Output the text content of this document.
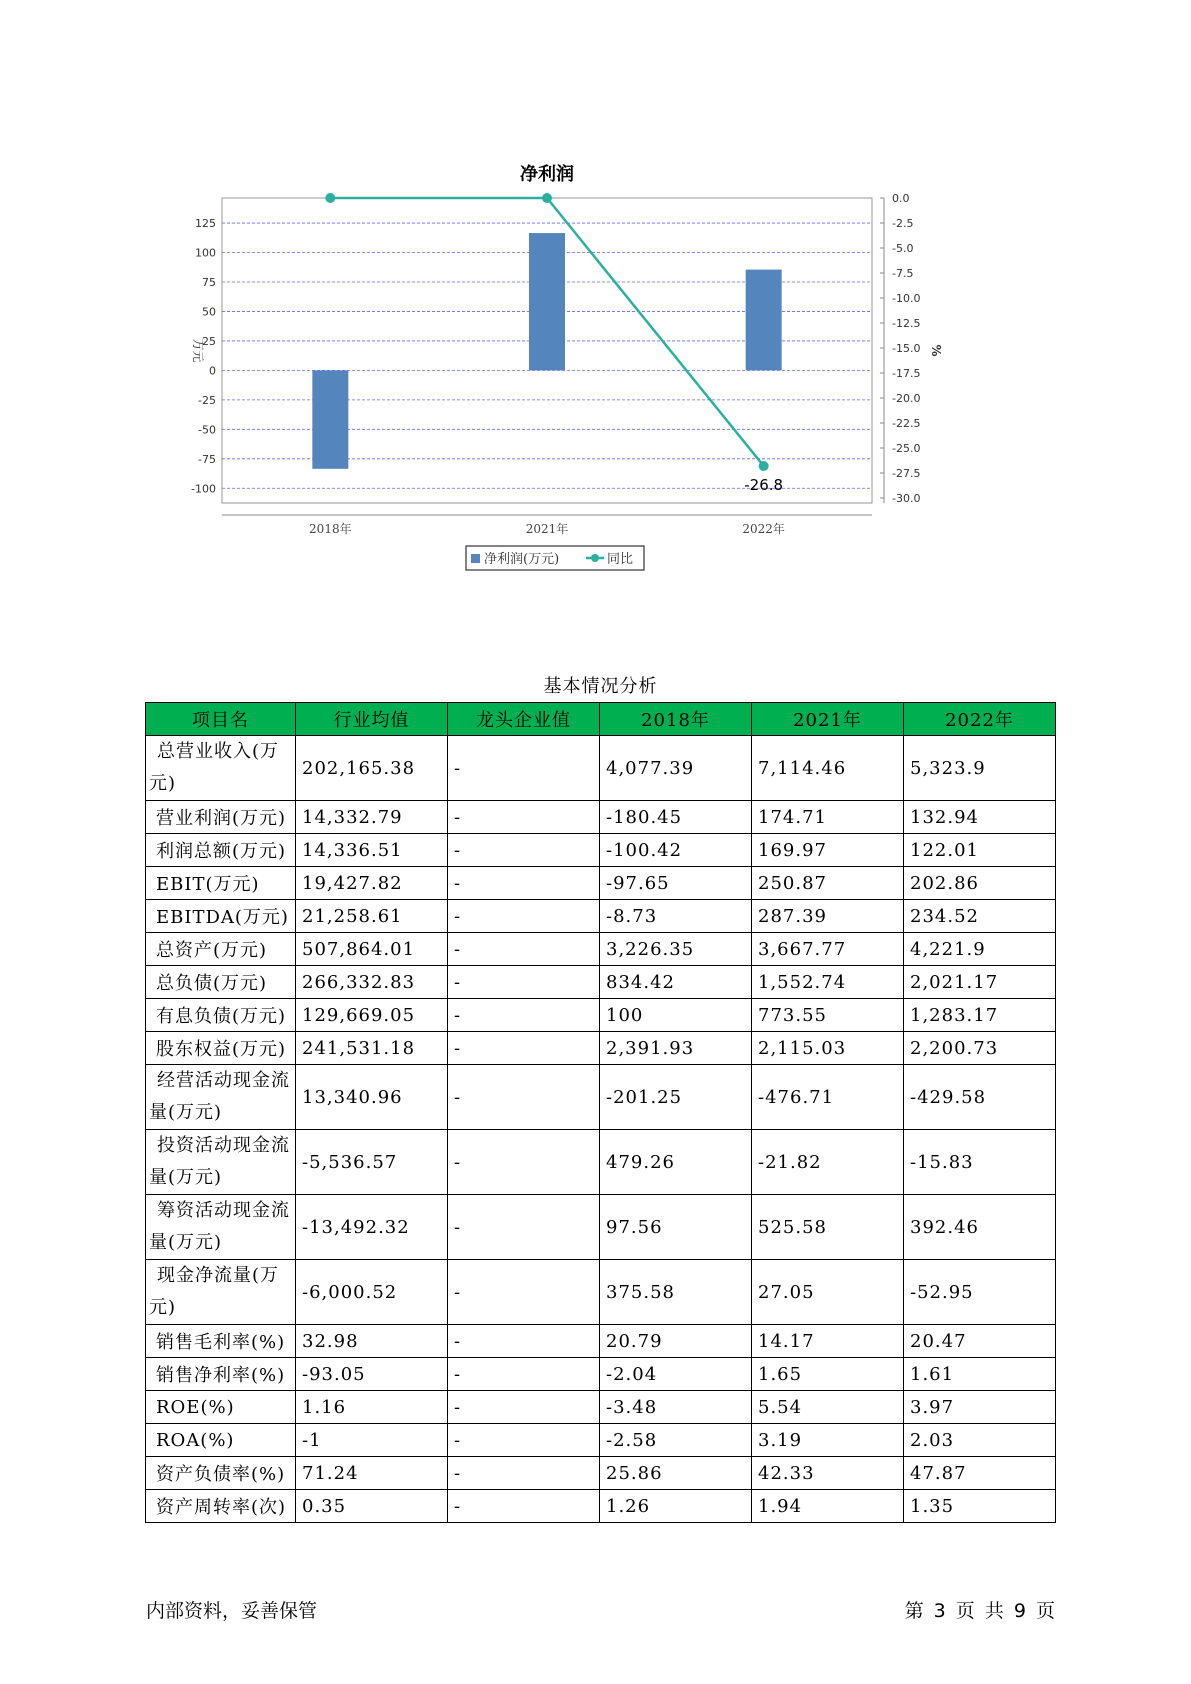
净利润
125
100
75
50
25
0
-25
-50
-75
-100
0.0
-2.5
-5.0
-7.5
-10.0
-12.5
-15.0
-17.5
-20.0
-22.5
-25.0
-27.5
-30.0
万元	%
2018年	2021年	2022年
-26.8
净利润(万元)	同比
基本情况分析
项目名	行业均值	龙头企业值	2018年	2021年	2022年
总营业收入(万元)	202,165.38	-	4,077.39	7,114.46	5,323.9
营业利润(万元)	14,332.79	-	-180.45	174.71	132.94
利润总额(万元)	14,336.51	-	-100.42	169.97	122.01
EBIT(万元)	19,427.82	-	-97.65	250.87	202.86
EBITDA(万元)	21,258.61	-	-8.73	287.39	234.52
总资产(万元)	507,864.01	-	3,226.35	3,667.77	4,221.9
总负债(万元)	266,332.83	-	834.42	1,552.74	2,021.17
有息负债(万元)	129,669.05	-	100	773.55	1,283.17
股东权益(万元)	241,531.18	-	2,391.93	2,115.03	2,200.73
经营活动现金流量(万元)	13,340.96	-	-201.25	-476.71	-429.58
投资活动现金流量(万元)	-5,536.57	-	479.26	-21.82	-15.83
筹资活动现金流量(万元)	-13,492.32	-	97.56	525.58	392.46
现金净流量(万元)	-6,000.52	-	375.58	27.05	-52.95
销售毛利率(%)	32.98	-	20.79	14.17	20.47
销售净利率(%)	-93.05	-	-2.04	1.65	1.61
ROE(%)	1.16	-	-3.48	5.54	3.97
ROA(%)	-1	-	-2.58	3.19	2.03
资产负债率(%)	71.24	-	25.86	42.33	47.87
资产周转率(次)	0.35	-	1.26	1.94	1.35
内部资料，妥善保管	第 3 页 共 9 页
